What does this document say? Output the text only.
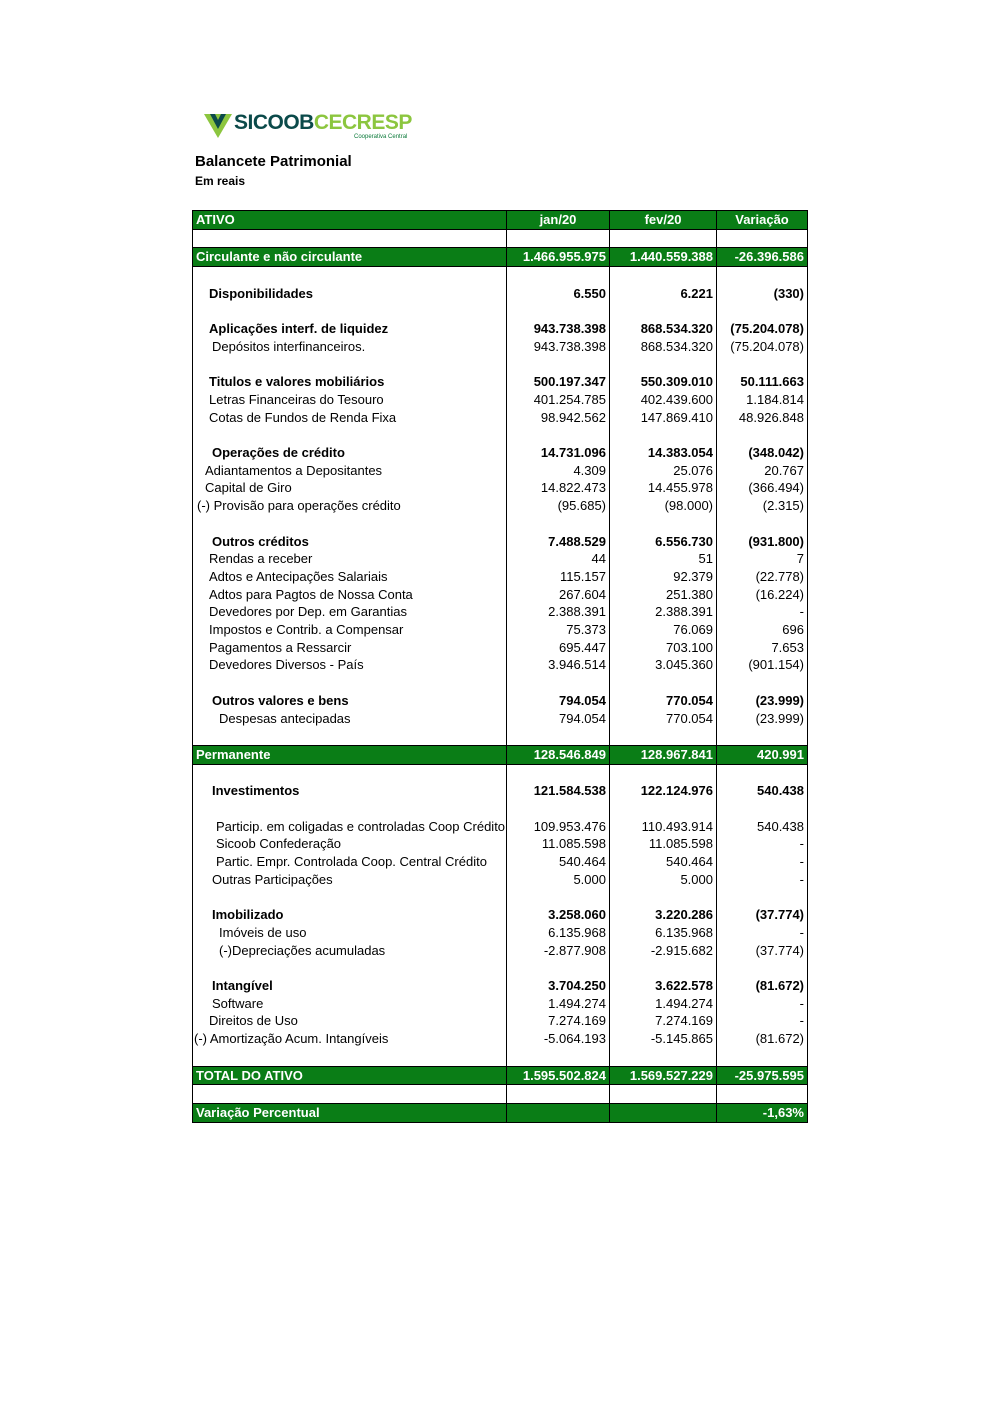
SICOOBCECRESP
Cooperativa Central
Balancete Patrimonial
Em reais
ATIVO	jan/20	fev/20	Variação

Circulante e não circulante	1.466.955.975	1.440.559.388	-26.396.586

Disponibilidades	6.550	6.221	(330)

Aplicações interf. de liquidez	943.738.398	868.534.320	(75.204.078)
Depósitos interfinanceiros.	943.738.398	868.534.320	(75.204.078)

Titulos e valores mobiliários	500.197.347	550.309.010	50.111.663
Letras Financeiras do Tesouro	401.254.785	402.439.600	1.184.814
Cotas de Fundos de Renda Fixa	98.942.562	147.869.410	48.926.848

Operações de crédito	14.731.096	14.383.054	(348.042)
Adiantamentos a Depositantes	4.309	25.076	20.767
Capital de Giro	14.822.473	14.455.978	(366.494)
(-) Provisão para operações crédito	(95.685)	(98.000)	(2.315)

Outros créditos	7.488.529	6.556.730	(931.800)
Rendas a receber	44	51	7
Adtos e Antecipações Salariais	115.157	92.379	(22.778)
Adtos para Pagtos de Nossa Conta	267.604	251.380	(16.224)
Devedores por Dep. em Garantias	2.388.391	2.388.391	-
Impostos e Contrib. a Compensar	75.373	76.069	696
Pagamentos a Ressarcir	695.447	703.100	7.653
Devedores Diversos - País	3.946.514	3.045.360	(901.154)

Outros valores e bens	794.054	770.054	(23.999)
Despesas antecipadas	794.054	770.054	(23.999)

Permanente	128.546.849	128.967.841	420.991

Investimentos	121.584.538	122.124.976	540.438

Particip. em coligadas e controladas Coop Crédito	109.953.476	110.493.914	540.438
Sicoob Confederação	11.085.598	11.085.598	-
Partic. Empr. Controlada Coop. Central Crédito	540.464	540.464	-
Outras Participações	5.000	5.000	-

Imobilizado	3.258.060	3.220.286	(37.774)
Imóveis de uso	6.135.968	6.135.968	-
(-)Depreciações acumuladas	-2.877.908	-2.915.682	(37.774)

Intangível	3.704.250	3.622.578	(81.672)
Software	1.494.274	1.494.274	-
Direitos de Uso	7.274.169	7.274.169	-
(-) Amortização Acum. Intangíveis	-5.064.193	-5.145.865	(81.672)

TOTAL DO ATIVO	1.595.502.824	1.569.527.229	-25.975.595

Variação Percentual			-1,63%
